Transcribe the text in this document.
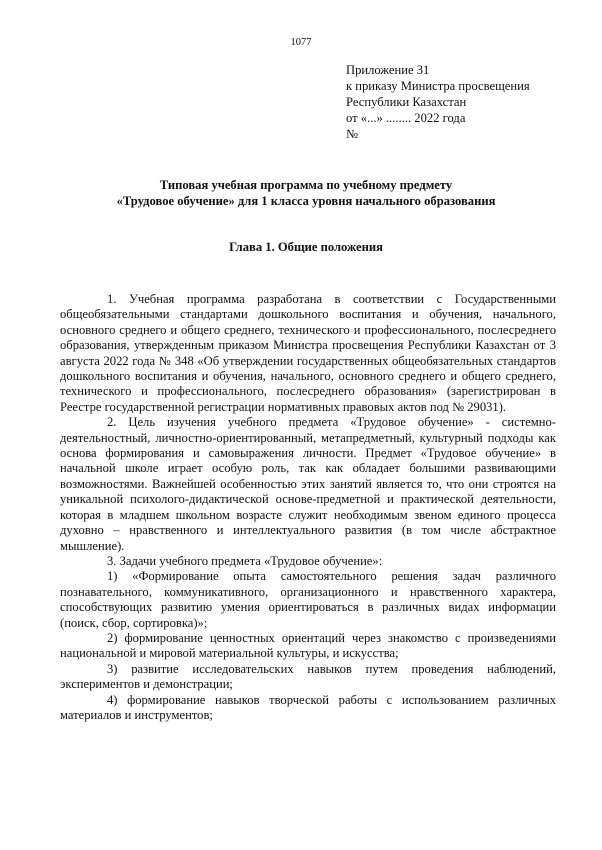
1077
Приложение 31
к приказу Министра просвещения
Республики Казахстан
от «...» ........ 2022 года
№
Типовая учебная программа по учебному предмету
«Трудовое обучение» для 1 класса уровня начального образования
Глава 1. Общие положения

1. Учебная программа разработана в соответствии с Государственными общеобязательными стандартами дошкольного воспитания и обучения, начального, основного среднего и общего среднего, технического и профессионального, послесреднего образования, утвержденным приказом Министра просвещения Республики Казахстан от 3 августа 2022 года № 348 «Об утверждении государственных общеобязательных стандартов дошкольного воспитания и обучения, начального, основного среднего и общего среднего, технического и профессионального, послесреднего образования» (зарегистрирован в Реестре государственной регистрации нормативных правовых актов под № 29031).

2. Цель изучения учебного предмета «Трудовое обучение» - системно-деятельностный, личностно-ориентированный, метапредметный, культурный подходы как основа формирования и самовыражения личности. Предмет «Трудовое обучение» в начальной школе играет особую роль, так как обладает большими развивающими возможностями. Важнейшей особенностью этих занятий является то, что они строятся на уникальной психолого-дидактической основе-предметной и практической деятельности, которая в младшем школьном возрасте служит необходимым звеном единого процесса духовно – нравственного и интеллектуального развития (в том числе абстрактное мышление).

3. Задачи учебного предмета «Трудовое обучение»:

1) «Формирование опыта самостоятельного решения задач различного познавательного, коммуникативного, организационного и нравственного характера, способствующих развитию умения ориентироваться в различных видах информации (поиск, сбор, сортировка)»;

2) формирование ценностных ориентаций через знакомство с произведениями национальной и мировой материальной культуры, и искусства;

3) развитие исследовательских навыков путем проведения наблюдений, экспериментов и демонстрации;

4) формирование навыков творческой работы с использованием различных материалов и инструментов;
